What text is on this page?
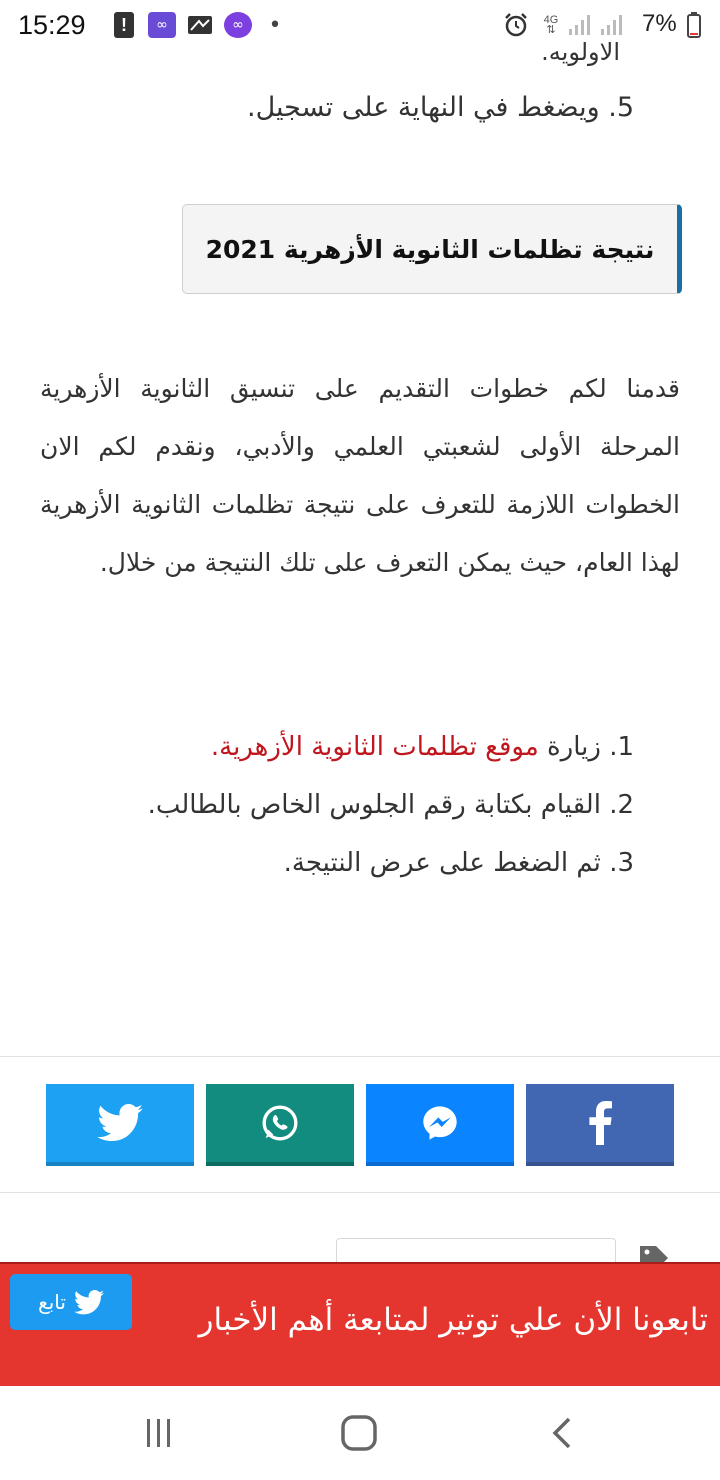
15:29	!	∞	∞	•	4G
⇅	7%

الاولويه.

5. ويضغط في النهاية على تسجيل.

نتيجة تظلمات الثانوية الأزهرية 2021

قدمنا لكم خطوات التقديم على تنسيق الثانوية الأزهرية المرحلة الأولى لشعبتي العلمي والأدبي، ونقدم لكم الان الخطوات اللازمة للتعرف على نتيجة تظلمات الثانوية الأزهرية لهذا العام، حيث يمكن التعرف على تلك النتيجة من خلال.

1. زيارة موقع تظلمات الثانوية الأزهرية.
2. القيام بكتابة رقم الجلوس الخاص بالطالب.
3. ثم الضغط على عرض النتيجة.
تابعونا الأن علي توتير لمتابعة أهم الأخبار
تابع
